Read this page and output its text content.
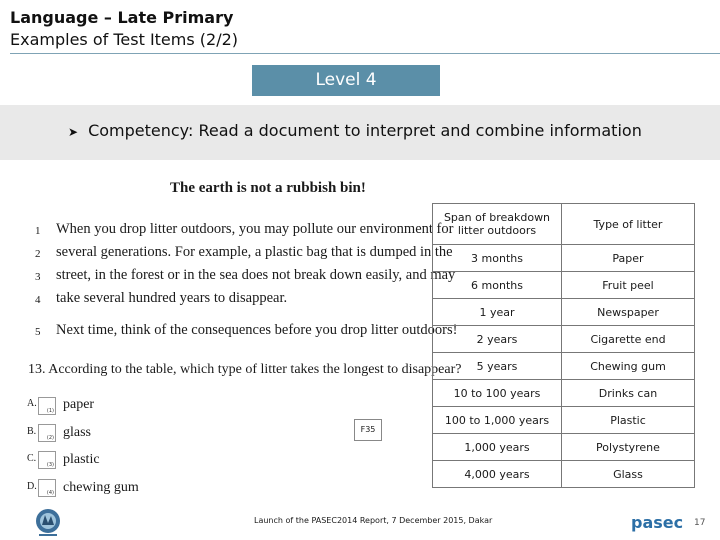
Language – Late Primary
Examples of Test Items (2/2)
Level 4
➤ Competency: Read a document to interpret and combine information
The earth is not a rubbish bin!
1 When you drop litter outdoors, you may pollute our environment for
2 several generations. For example, a plastic bag that is dumped in the
3 street, in the forest or in the sea does not break down easily, and may
4 take several hundred years to disappear.
5 Next time, think of the consequences before you drop litter outdoors!
13. According to the table, which type of litter takes the longest to disappear?
A.
(1) paper
B.
(2) glass
C.
(3) plastic
D.
(4) chewing gum
F35
Span of breakdown litter outdoors	Type of litter
3 months	Paper
6 months	Fruit peel
1 year	Newspaper
2 years	Cigarette end
5 years	Chewing gum
10 to 100 years	Drinks can
100 to 1,000 years	Plastic
1,000 years	Polystyrene
4,000 years	Glass
Launch of the PASEC2014 Report, 7 December 2015, Dakar	pasec 17
